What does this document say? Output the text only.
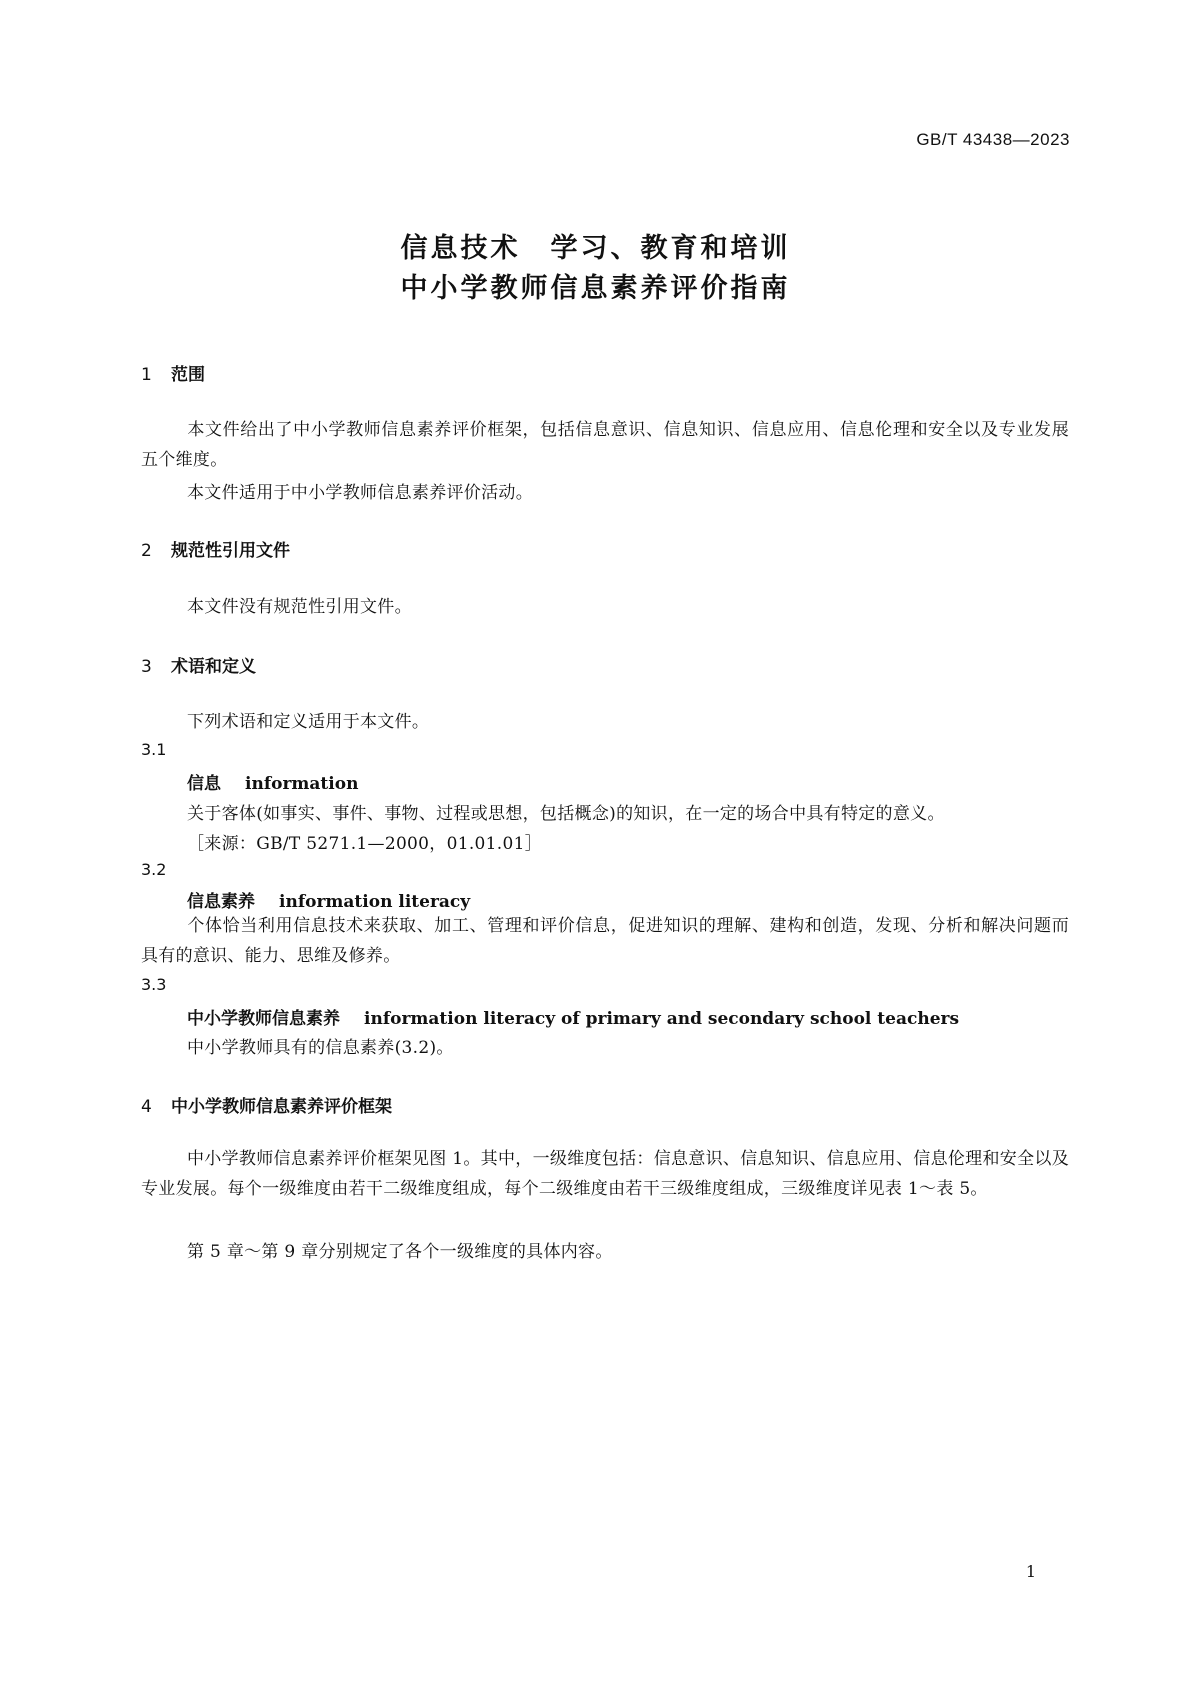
GB/T 43438—2023
信息技术　学习、教育和培训
中小学教师信息素养评价指南
1 范围
本文件给出了中小学教师信息素养评价框架，包括信息意识、信息知识、信息应用、信息伦理和安全以及专业发展五个维度。
本文件适用于中小学教师信息素养评价活动。
2 规范性引用文件
本文件没有规范性引用文件。
3 术语和定义
下列术语和定义适用于本文件。
3.1
信息 information
关于客体(如事实、事件、事物、过程或思想，包括概念)的知识，在一定的场合中具有特定的意义。
［来源：GB/T 5271.1—2000，01.01.01］
3.2
信息素养 information literacy
个体恰当利用信息技术来获取、加工、管理和评价信息，促进知识的理解、建构和创造，发现、分析和解决问题而具有的意识、能力、思维及修养。
3.3
中小学教师信息素养 information literacy of primary and secondary school teachers
中小学教师具有的信息素养(3.2)。
4 中小学教师信息素养评价框架
中小学教师信息素养评价框架见图 1。其中，一级维度包括：信息意识、信息知识、信息应用、信息伦理和安全以及专业发展。每个一级维度由若干二级维度组成，每个二级维度由若干三级维度组成，三级维度详见表 1～表 5。
第 5 章～第 9 章分别规定了各个一级维度的具体内容。
1
